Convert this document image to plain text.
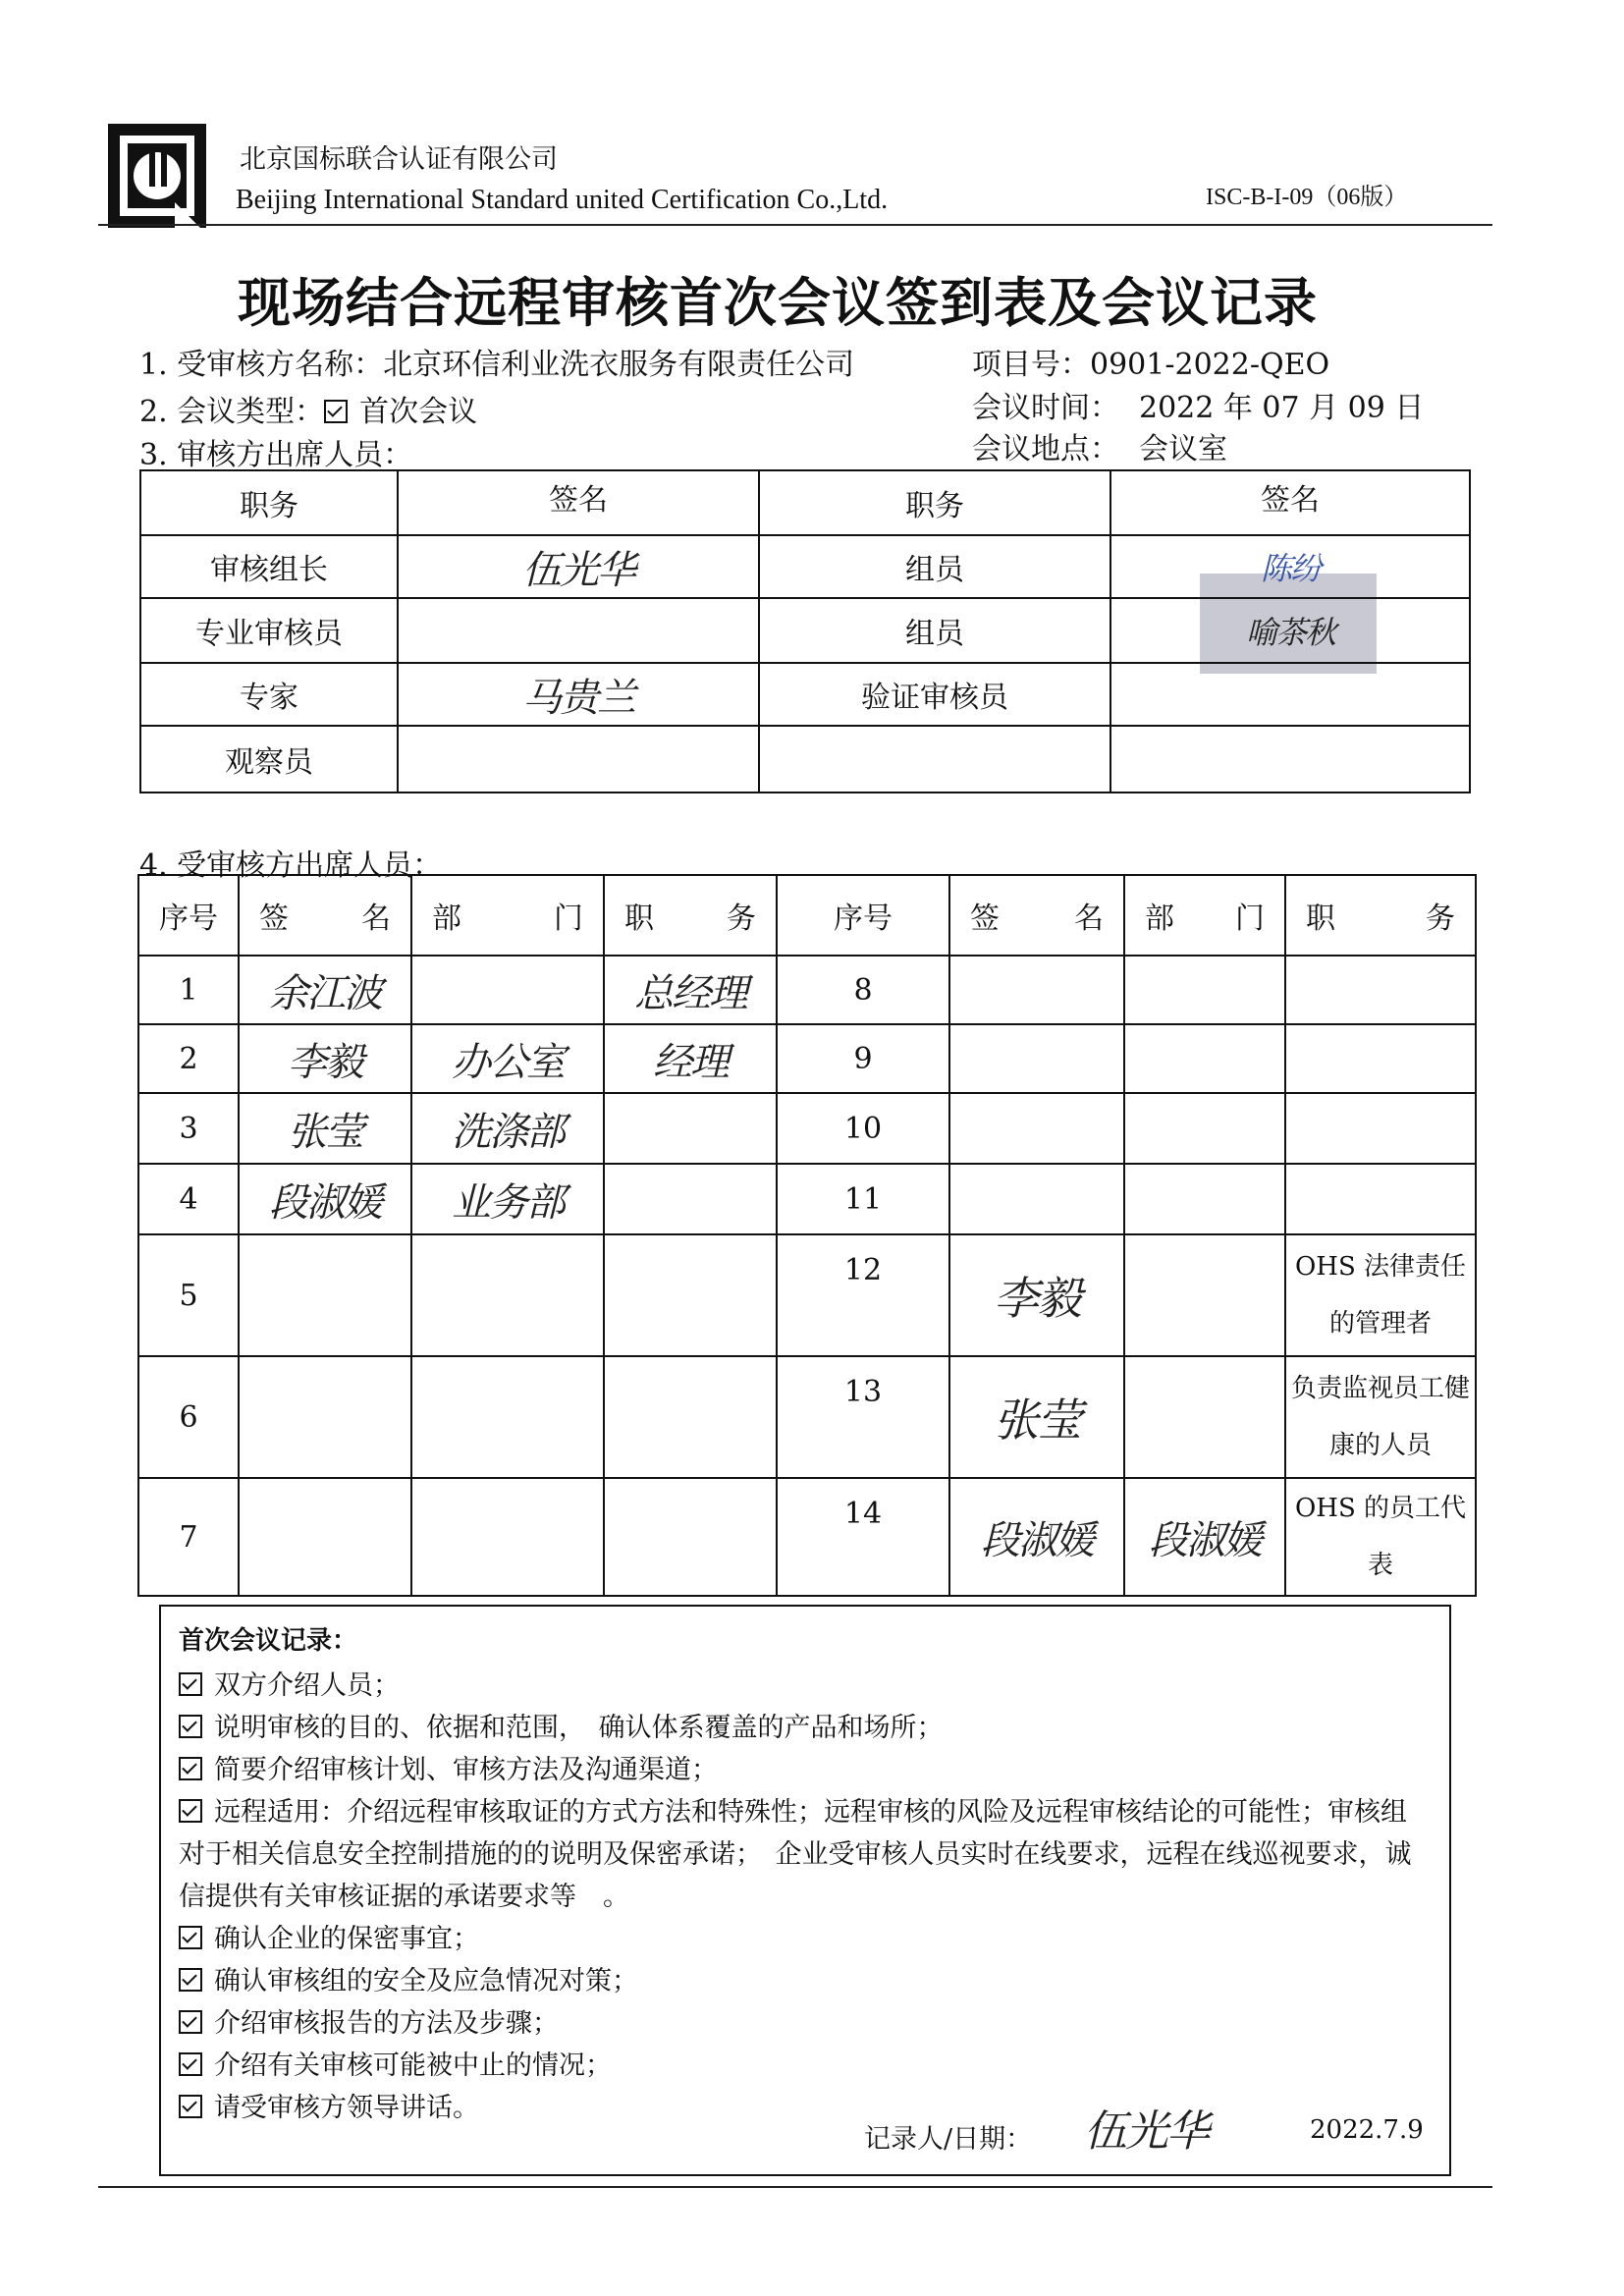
北京国标联合认证有限公司
Beijing International Standard united Certification Co.,Ltd.	ISC-B-I-09（06版）
现场结合远程审核首次会议签到表及会议记录
1. 受审核方名称：北京环信利业洗衣服务有限责任公司	项目号：0901-2022-QEO
2. 会议类型： 首次会议	会议时间： 2022 年 07 月 09 日
3. 审核方出席人员：	会议地点： 会议室
职务	签名	职务	签名
审核组长	伍光华	组员	陈纷
专业审核员		组员	喻茶秋
专家	马贵兰	验证审核员	
观察员			
4. 受审核方出席人员：
序号	签 名	部 门	职 务	序号	签 名	部 门	职 务

1	余江波		总经理	8			
2	李毅	办公室	经理	9			
3	张莹	洗涤部		10			
4	段淑媛	业务部		11			
5				12	李毅		OHS 法律责任的管理者
6				13	张莹		负责监视员工健康的人员
7				14	段淑媛	段淑媛	OHS 的员工代表
首次会议记录：
双方介绍人员；
说明审核的目的、依据和范围，　确认体系覆盖的产品和场所；
简要介绍审核计划、审核方法及沟通渠道；
远程适用：介绍远程审核取证的方式方法和特殊性；远程审核的风险及远程审核结论的可能性；审核组对于相关信息安全控制措施的的说明及保密承诺；　企业受审核人员实时在线要求，远程在线巡视要求，诚信提供有关审核证据的承诺要求等　。
确认企业的保密事宜；
确认审核组的安全及应急情况对策；
介绍审核报告的方法及步骤；
介绍有关审核可能被中止的情况；
请受审核方领导讲话。
记录人/日期： 伍光华	2022.7.9
